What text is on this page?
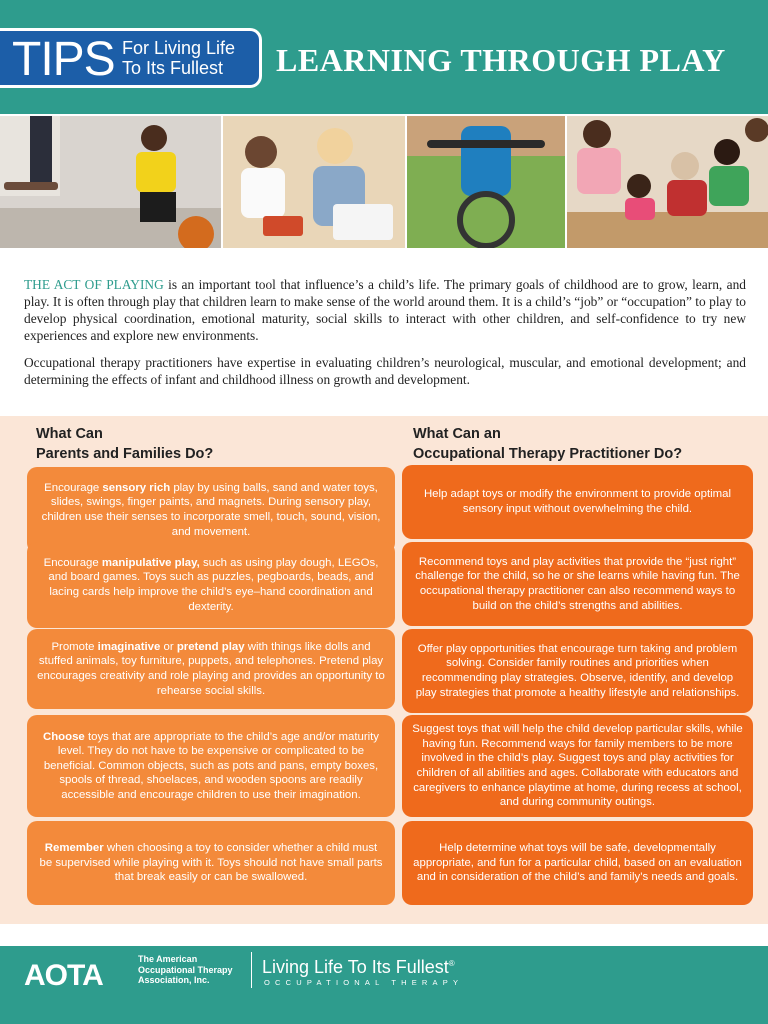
TIPS For Living Life
To Its Fullest	LEARNING THROUGH PLAY

THE ACT OF PLAYING is an important tool that influence’s a child’s life. The primary goals of childhood are to grow, learn, and play. It is often through play that children learn to make sense of the world around them. It is a child’s “job” or “occupation” to play to develop physical coordination, emotional maturity, social skills to interact with other children, and self-confidence to try new experiences and explore new environments.

Occupational therapy practitioners have expertise in evaluating children’s neurological, muscular, and emotional development; and determining the effects of infant and childhood illness on growth and development.

What Can
Parents and Families Do?
What Can an
Occupational Therapy Practitioner Do?
Encourage sensory rich play by using balls, sand and water toys, slides, swings, finger paints, and magnets. During sensory play, children use their senses to incorporate smell, touch, sound, vision, and movement.
Encourage manipulative play, such as using play dough, LEGOs, and board games. Toys such as puzzles, pegboards, beads, and lacing cards help improve the child’s eye–hand coordination and dexterity.
Promote imaginative or pretend play with things like dolls and stuffed animals, toy furniture, puppets, and telephones. Pretend play encourages creativity and role playing and provides an opportunity to rehearse social skills.
Choose toys that are appropriate to the child’s age and/or maturity level. They do not have to be expensive or complicated to be beneficial. Common objects, such as pots and pans, empty boxes, spools of thread, shoelaces, and wooden spoons are readily accessible and encourage children to use their imagination.
Remember when choosing a toy to consider whether a child must be supervised while playing with it. Toys should not have small parts that break easily or can be swallowed.
Help adapt toys or modify the environment to provide optimal sensory input without overwhelming the child.
Recommend toys and play activities that provide the “just right” challenge for the child, so he or she learns while having fun. The occupational therapy practitioner can also recommend ways to build on the child’s strengths and abilities.
Offer play opportunities that encourage turn taking and problem solving. Consider family routines and priorities when recommending play strategies. Observe, identify, and develop play strategies that promote a healthy lifestyle and relationships.
Suggest toys that will help the child develop particular skills, while having fun. Recommend ways for family members to be more involved in the child’s play. Suggest toys and play activities for children of all abilities and ages. Collaborate with educators and caregivers to enhance playtime at home, during recess at school, and during community outings.
Help determine what toys will be safe, developmentally appropriate, and fun for a particular child, based on an evaluation and in consideration of the child’s and family’s needs and goals.
AOTA	The American
Occupational Therapy
Association, Inc.
Living Life To Its Fullest®
OCCUPATIONAL THERAPY
